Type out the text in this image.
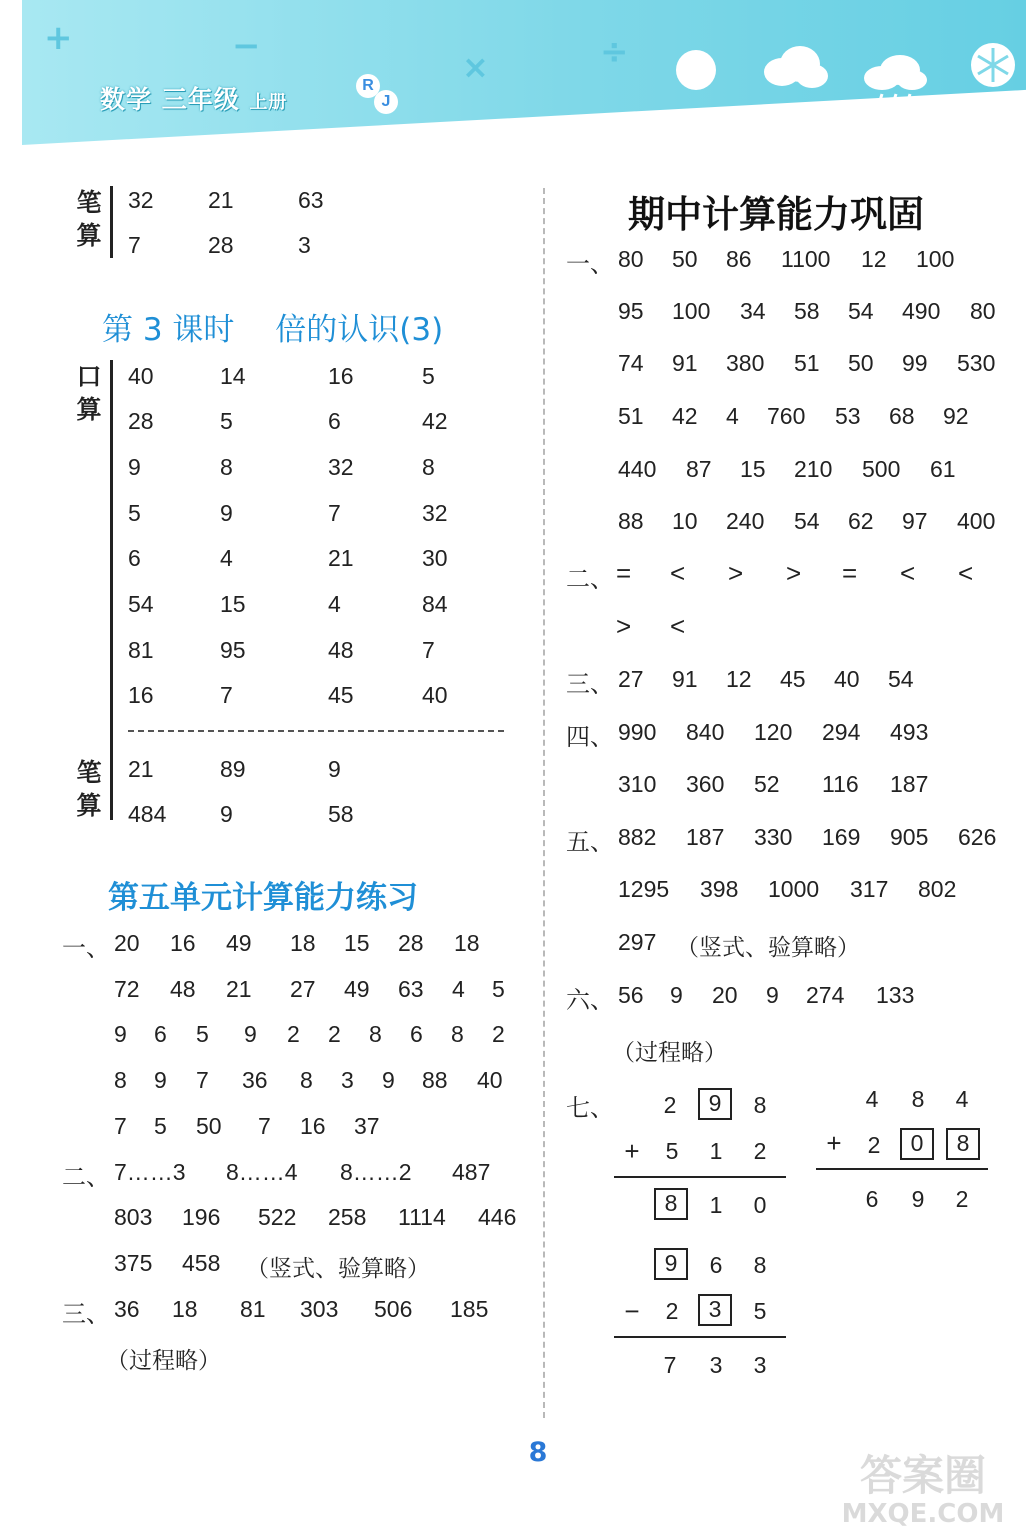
+	−
×	÷
数学 三年级 上册
R
J
笔
算
32 21	63
7	28	3
第 3 课时　 倍的认识(3)
口
算
40	14	16	5
28	5	6	42
9	8	32	8
5	9	7	32
6	4	21	30
54	15	4	84
81	95	48	7
16	7	45	40
笔
算
21	89	9
484 9	58
第五单元计算能力练习
一、 20 16 49 18 15 28 18
72 48 21 27 49 63 4 5
9 6 5 9 2 2 8 6 8 2
8 9 7 36 8 3 9 88 40
7 5 50 7 16 37
二、 7……3 8……4 8……2 487
803 196 522 258 1114 446
375 458 （竖式、验算略）
三、 36 18 81 303 506 185
（过程略）
期中计算能力巩固
一、 80 50 86 1100 12 100
95 100 34 58 54 490 80
74 91 380 51 50 99 530
51 42 4 760 53 68 92
440 87 15 210 500 61
88 10 240 54 62 97 400
二、 = < > > = < <
> <
三、 27 91 12 45 40 54
四、 990 840 120 294 493
310 360 52 116 187
五、 882 187 330 169 905 626
1295 398 1000 317 802
297 （竖式、验算略）
六、 56 9 20 9 274 133
（过程略）
七、	2	9	8
+	5	1	2
8	1	0
4	8	4
+	2	0	8
6	9	2
9	6	8
−	2	3	5
7	3	3
8	答案圈
MXQE.COM
